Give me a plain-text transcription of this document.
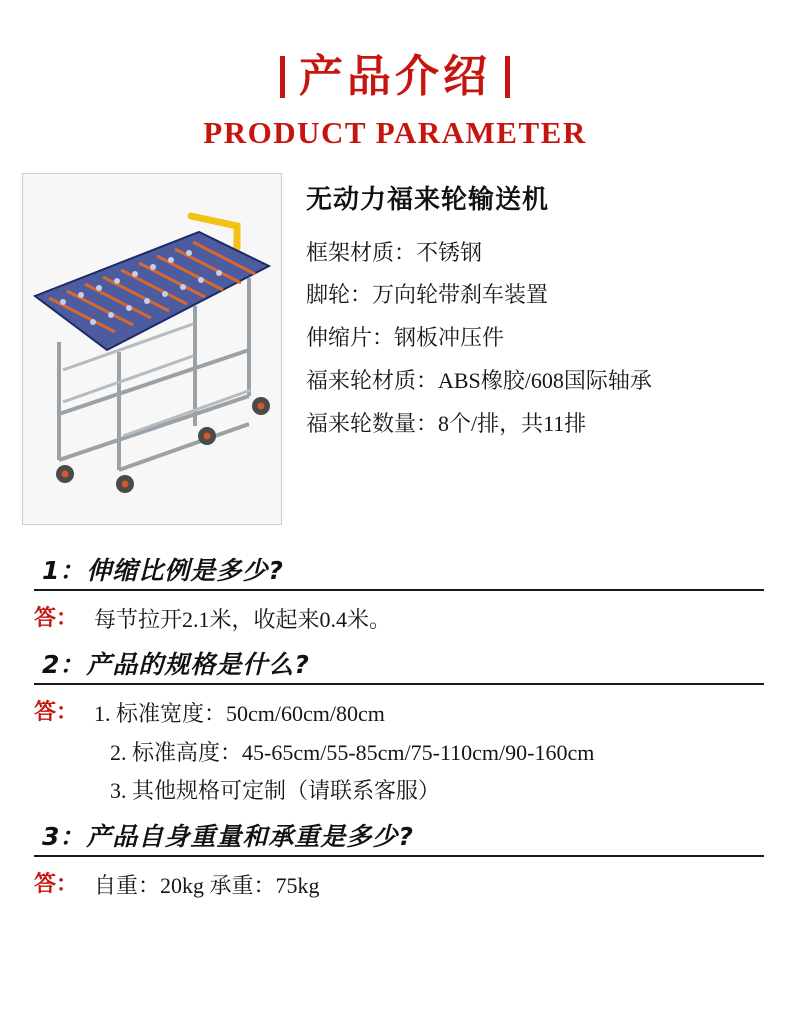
产品介绍
PRODUCT PARAMETER
无动力福来轮输送机
框架材质：不锈钢
脚轮：万向轮带刹车装置
伸缩片：钢板冲压件
福来轮材质：ABS橡胶/608国际轴承
福来轮数量：8个/排，共11排
1： 伸缩比例是多少?
答： 每节拉开2.1米，收起来0.4米。
2： 产品的规格是什么?
答： 1. 标准宽度：50cm/60cm/80cm
2. 标准高度：45-65cm/55-85cm/75-110cm/90-160cm
3. 其他规格可定制（请联系客服）
3： 产品自身重量和承重是多少?
答： 自重：20kg 承重：75kg
